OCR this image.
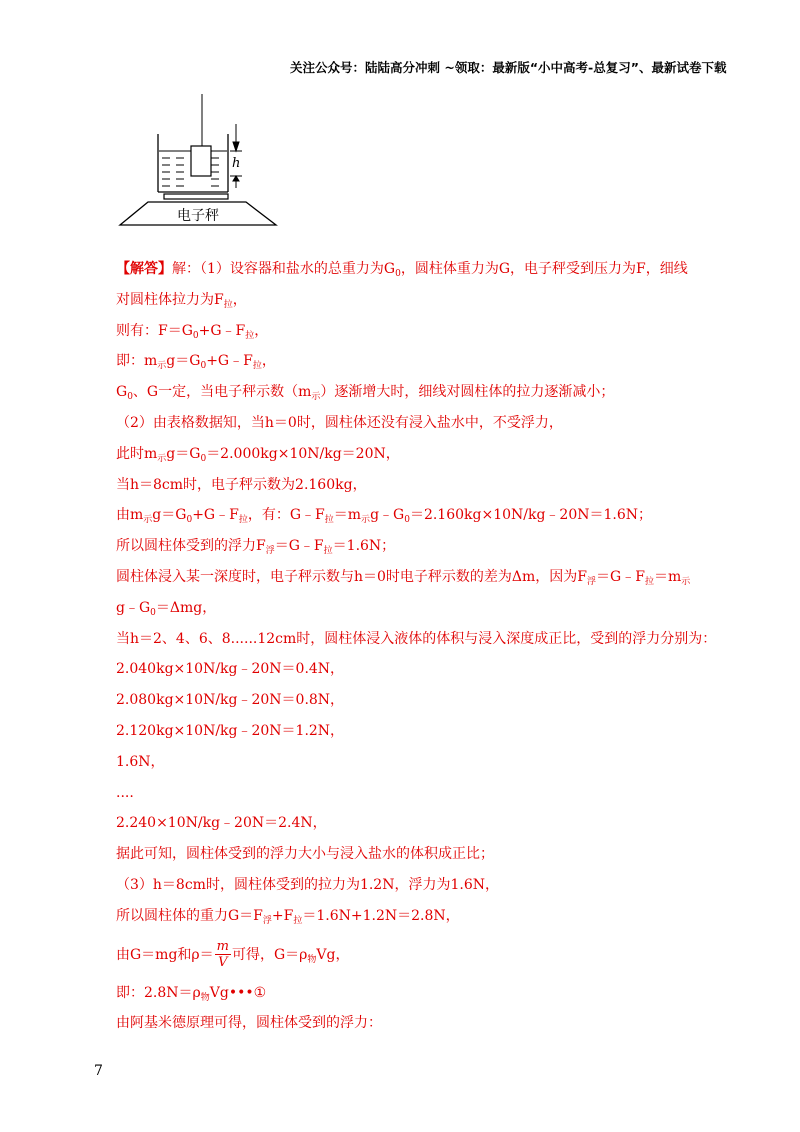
关注公众号：陆陆高分冲刺 ~领取：最新版“小中高考-总复习”、最新试卷下载
h
电子秤
【解答】解：（1）设容器和盐水的总重力为$G_0$，圆柱体重力为G，电子秤受到压力为F，细线
对圆柱体拉力为$F_拉$，
则有：$F=G_0+G﹣F_拉$，
即：$m_示g=G_0+G﹣F_拉$，
$G_0$、G一定，当电子秤示数$(m_示)$逐渐增大时，细线对圆柱体的拉力逐渐减小；
（2）由表格数据知，当h＝0时，圆柱体还没有浸入盐水中，不受浮力，
此时$m_示g=G_0=2.000kg\times 10N/kg=20N$，
当h＝8cm时，电子秤示数为2.160kg，
由$m_示g=G_0+G﹣F_拉$，有：$G﹣F_拉=m_示g﹣G_0=2.160kg\times 10N/kg﹣20N=1.6N$；
所以圆柱体受到的浮力$F_浮=G﹣F_拉=1.6N$；
圆柱体浸入某一深度时，电子秤示数与h＝0时电子秤示数的差为Δm，因为$F_浮=G﹣F_拉=m_示$
$g﹣G_0=\Delta mg$，
当h＝2、4、6、8......12cm时，圆柱体浸入液体的体积与浸入深度成正比，受到的浮力分别为：
2.040kg×10N/kg﹣20N＝0.4N，
2.080kg×10N/kg﹣20N＝0.8N，
2.120kg×10N/kg﹣20N＝1.2N，
1.6N，
....
2.240×10N/kg﹣20N＝2.4N，
据此可知，圆柱体受到的浮力大小与浸入盐水的体积成正比；
（3）h＝8cm时，圆柱体受到的拉力为1.2N，浮力为1.6N，
所以圆柱体的重力$G=F_浮+F_拉=1.6N+1.2N=2.8N$，
由G＝mg和$\rho= \frac{m}{V}$ 可得，$G=\rho_物Vg$，
即：$2.8N=\rho_物Vg•••①$
由阿基米德原理可得，圆柱体受到的浮力：
7
